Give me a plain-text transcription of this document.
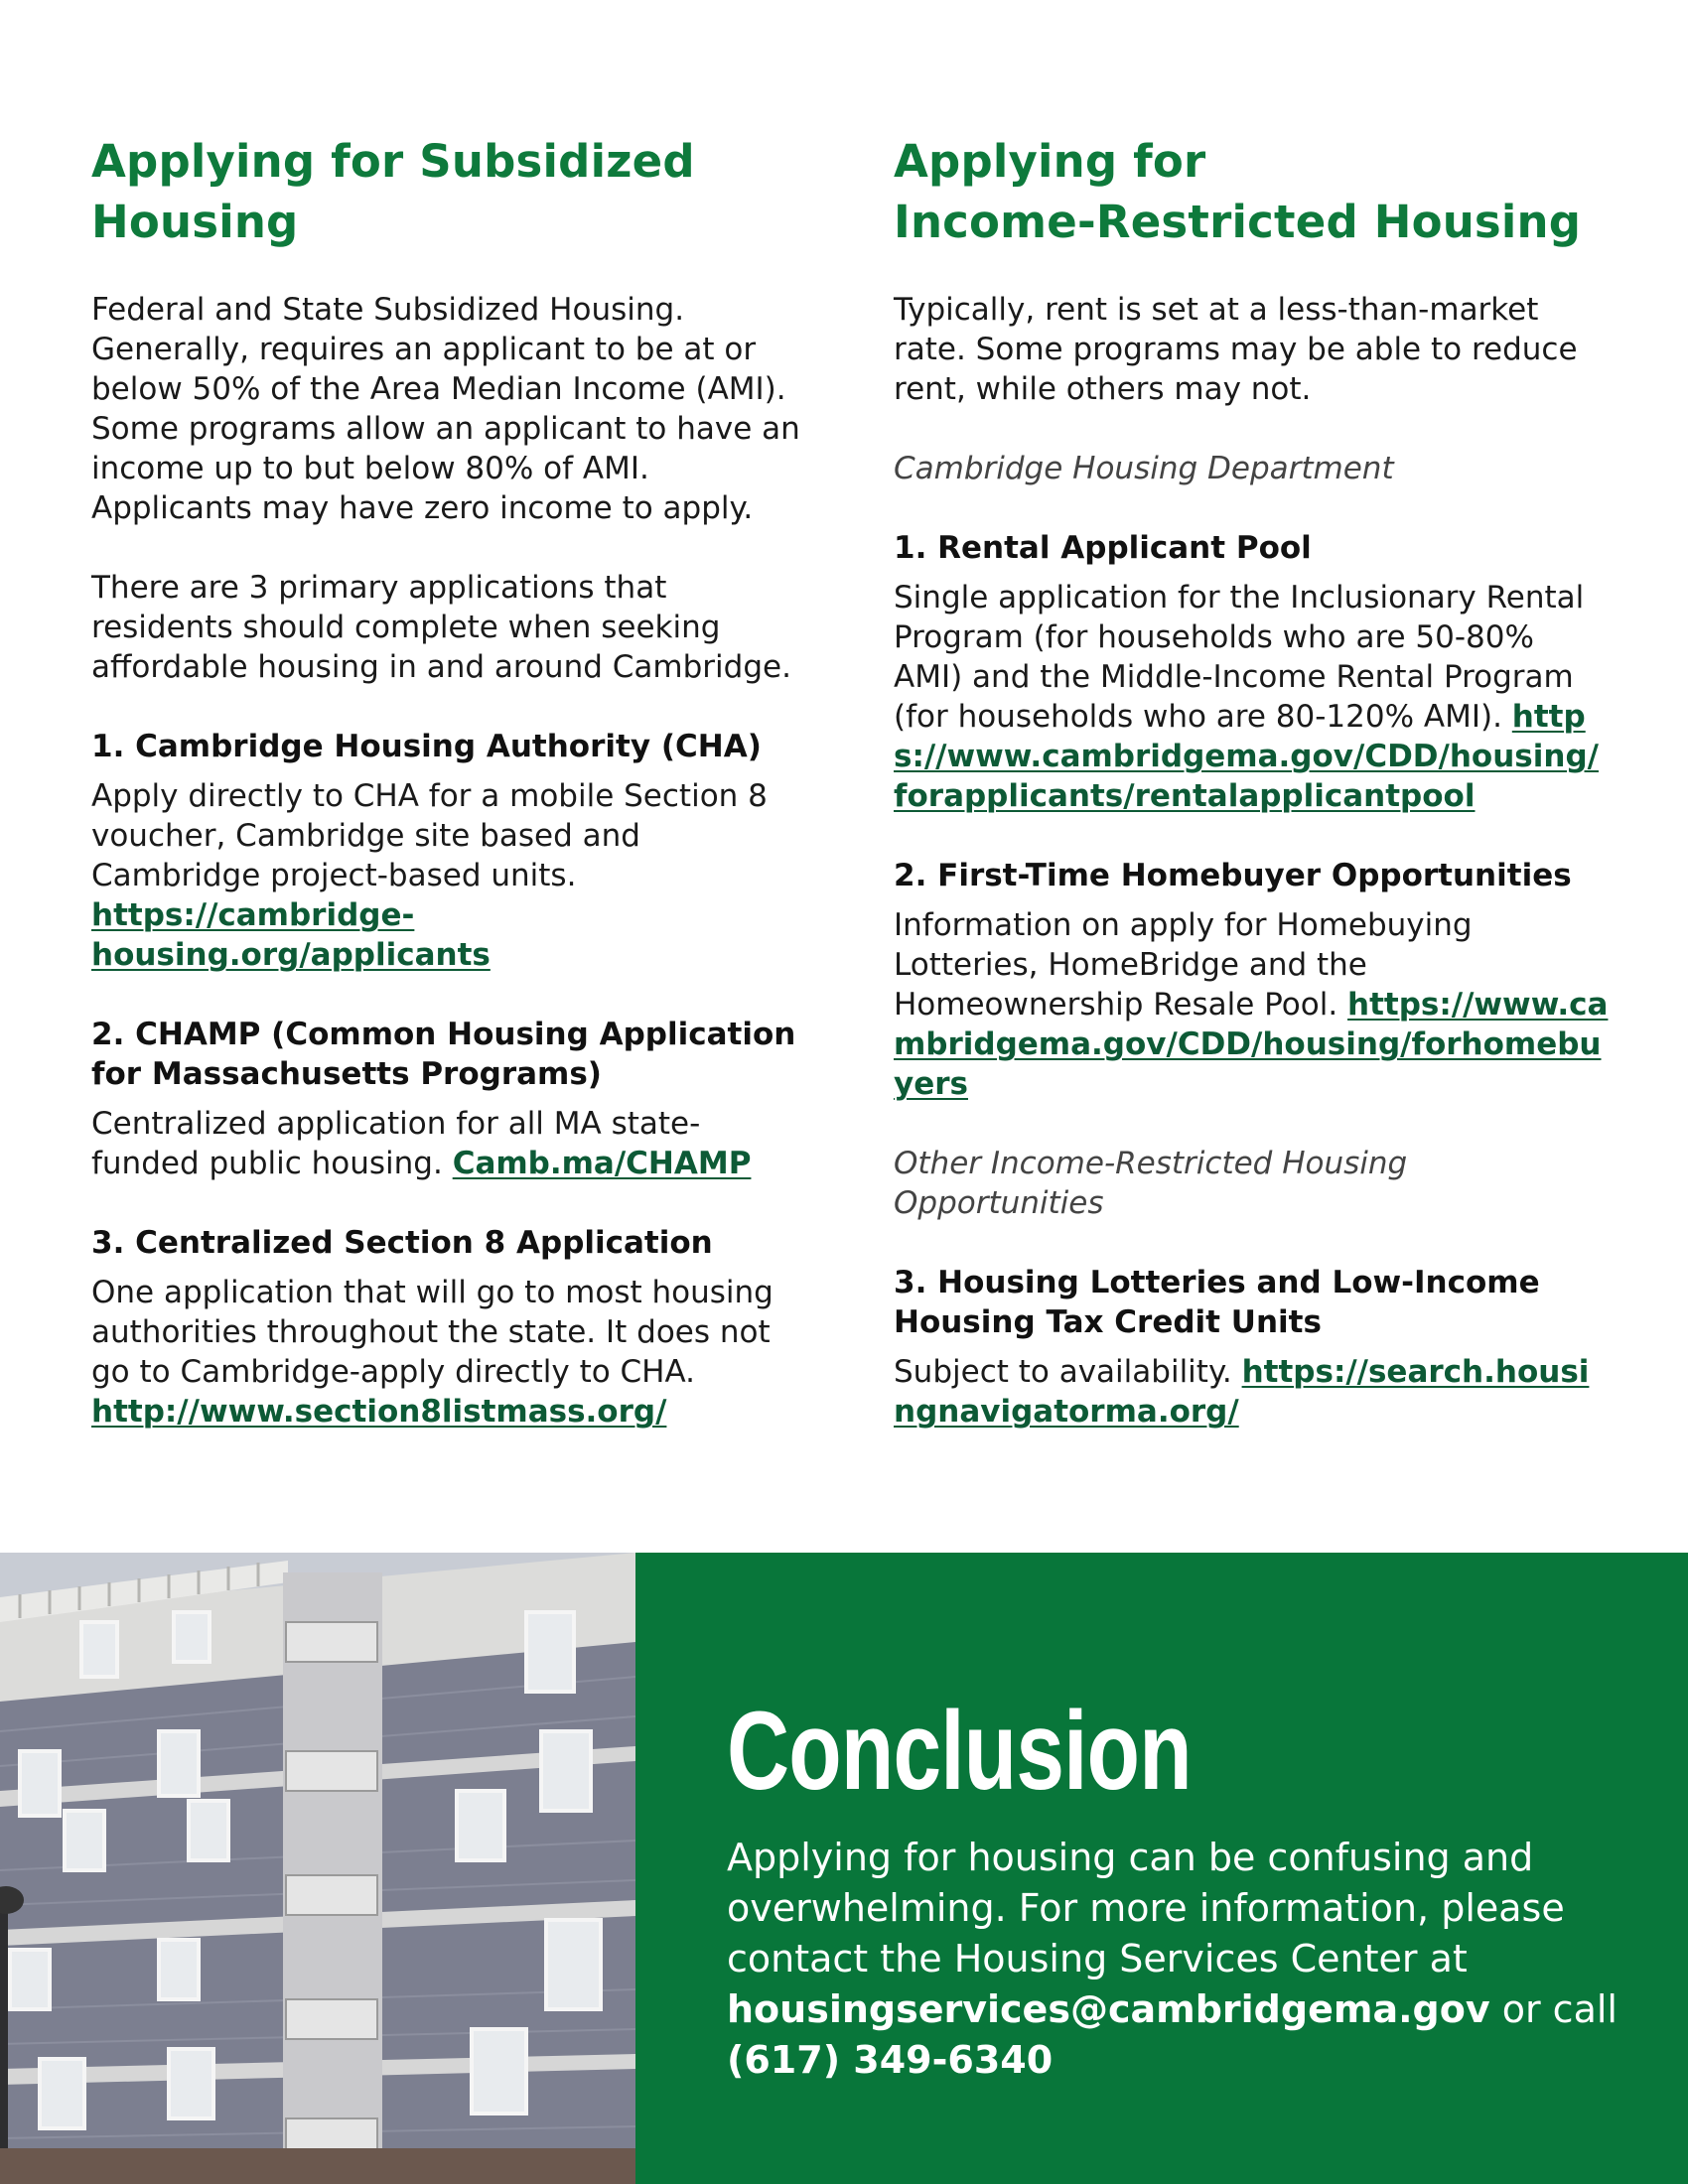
Applying for Subsidized
Housing

Federal and State Subsidized Housing. Generally, requires an applicant to be at or below 50% of the Area Median Income (AMI). Some programs allow an applicant to have an income up to but below 80% of AMI. Applicants may have zero income to apply.

There are 3 primary applications that residents should complete when seeking affordable housing in and around Cambridge.

1. Cambridge Housing Authority (CHA)

Apply directly to CHA for a mobile Section 8 voucher, Cambridge site based and Cambridge project-based units.
https://cambridge-housing.org/applicants

2. CHAMP (Common Housing Application for Massachusetts Programs)

Centralized application for all MA state-funded public housing. Camb.ma/CHAMP

3. Centralized Section 8 Application

One application that will go to most housing authorities throughout the state. It does not go to Cambridge-apply directly to CHA.
http://www.section8listmass.org/

Applying for
Income-Restricted Housing

Typically, rent is set at a less-than-market rate. Some programs may be able to reduce rent, while others may not.

Cambridge Housing Department

1. Rental Applicant Pool

Single application for the Inclusionary Rental Program (for households who are 50-80% AMI) and the Middle-Income Rental Program (for households who are 80-120% AMI). https://www.cambridgema.gov/CDD/housing/forapplicants/rentalapplicantpool

2. First-Time Homebuyer Opportunities

Information on apply for Homebuying Lotteries, HomeBridge and the Homeownership Resale Pool. https://www.cambridgema.gov/CDD/housing/forhomebuyers

Other Income-Restricted Housing Opportunities

3. Housing Lotteries and Low-Income Housing Tax Credit Units

Subject to availability. https://search.housingnavigatorma.org/

Conclusion

Applying for housing can be confusing and overwhelming. For more information, please contact the Housing Services Center at housingservices@cambridgema.gov or call (617) 349-6340
